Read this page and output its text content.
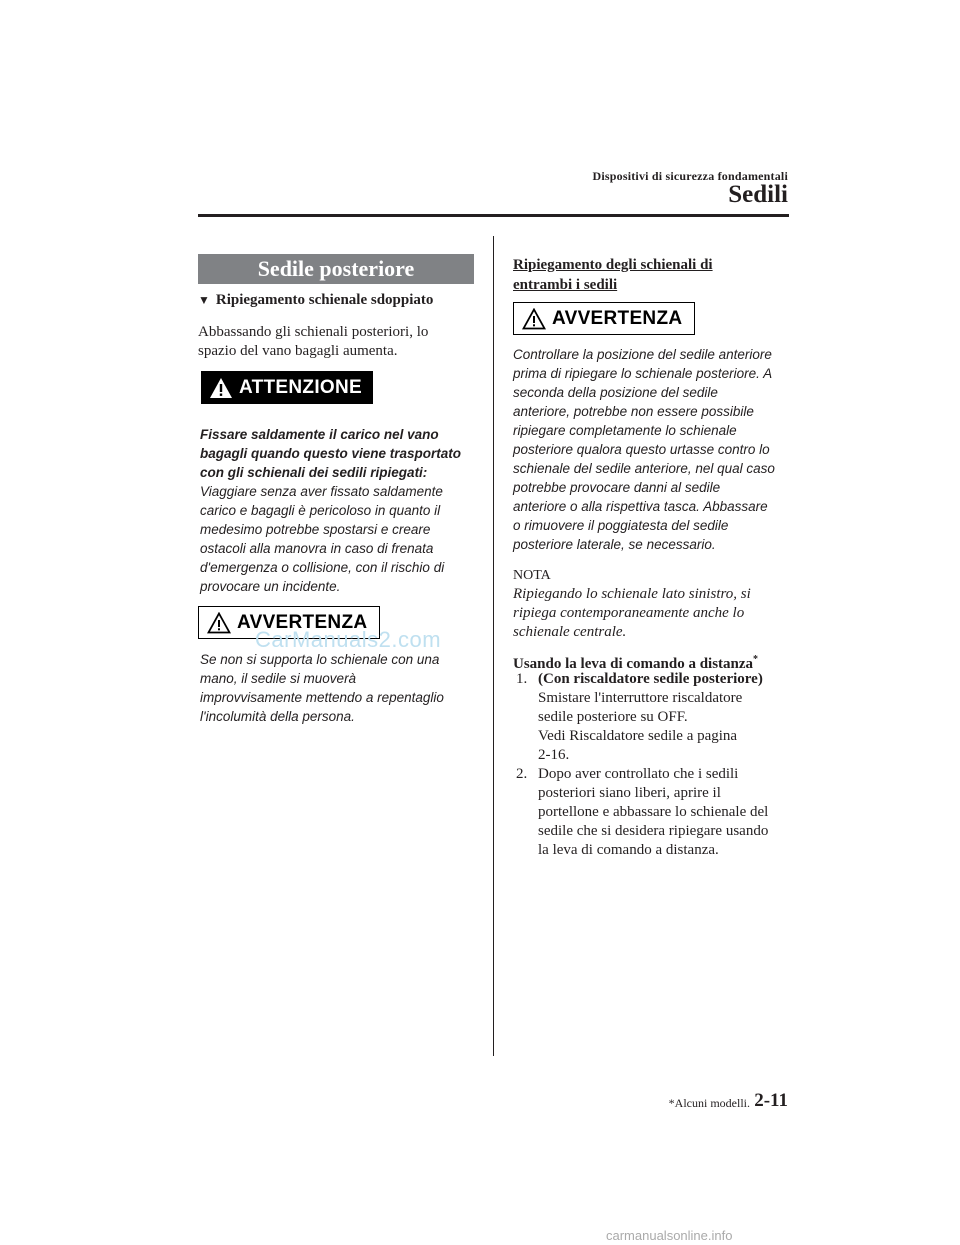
Dispositivi di sicurezza fondamentali
Sedili
Sedile posteriore
▼ Ripiegamento schienale sdoppiato
Abbassando gli schienali posteriori, lo
spazio del vano bagagli aumenta.
ATTENZIONE
Fissare saldamente il carico nel vano
bagagli quando questo viene trasportato
con gli schienali dei sedili ripiegati:
Viaggiare senza aver fissato saldamente
carico e bagagli è pericoloso in quanto il
medesimo potrebbe spostarsi e creare
ostacoli alla manovra in caso di frenata
d'emergenza o collisione, con il rischio di
provocare un incidente.
AVVERTENZA
CarManuals2.com
Se non si supporta lo schienale con una
mano, il sedile si muoverà
improvvisamente mettendo a repentaglio
l'incolumità della persona.
Ripiegamento degli schienali di
entrambi i sedili
AVVERTENZA
Controllare la posizione del sedile anteriore
prima di ripiegare lo schienale posteriore. A
seconda della posizione del sedile
anteriore, potrebbe non essere possibile
ripiegare completamente lo schienale
posteriore qualora questo urtasse contro lo
schienale del sedile anteriore, nel qual caso
potrebbe provocare danni al sedile
anteriore o alla rispettiva tasca. Abbassare
o rimuovere il poggiatesta del sedile
posteriore laterale, se necessario.
NOTA
Ripiegando lo schienale lato sinistro, si
ripiega contemporaneamente anche lo
schienale centrale.
Usando la leva di comando a distanza*
1. (Con riscaldatore sedile posteriore)
Smistare l'interruttore riscaldatore
sedile posteriore su OFF.
Vedi Riscaldatore sedile a pagina
2-16.
2. Dopo aver controllato che i sedili
posteriori siano liberi, aprire il
portellone e abbassare lo schienale del
sedile che si desidera ripiegare usando
la leva di comando a distanza.
*Alcuni modelli. 2-11
carmanualsonline.info
